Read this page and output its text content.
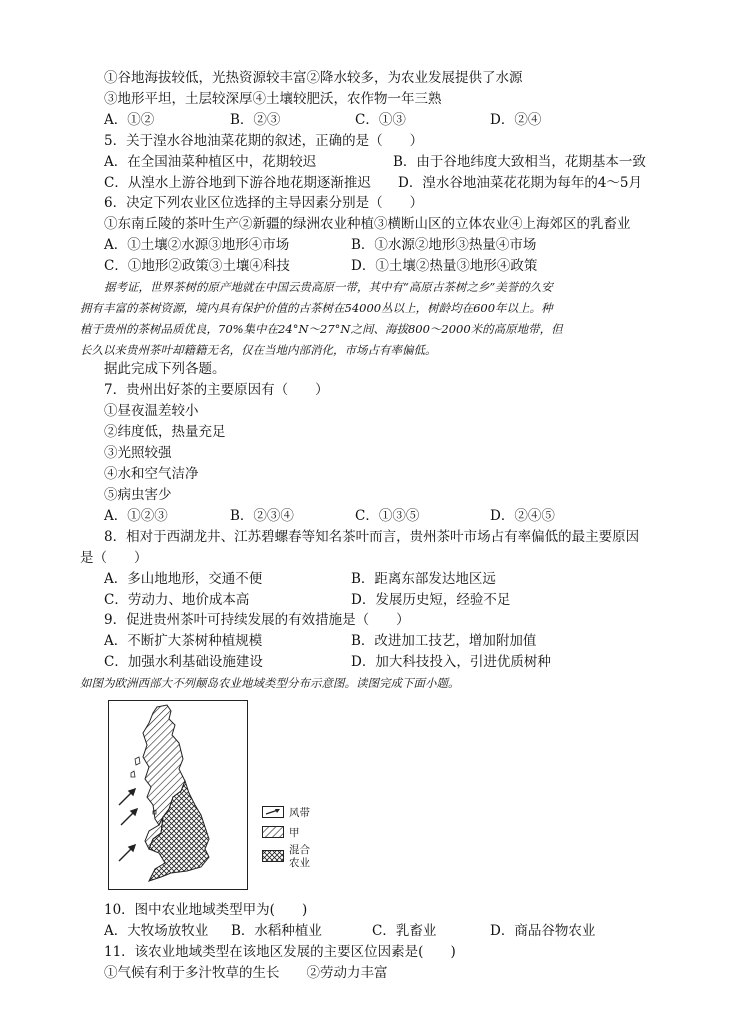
①谷地海拔较低，光热资源较丰富②降水较多，为农业发展提供了水源
③地形平坦，土层较深厚④土壤较肥沃，农作物一年三熟
A．①②	B．②③	C．①③	D．②④
5．关于湟水谷地油菜花期的叙述，正确的是（　　）
A．在全国油菜种植区中，花期较迟	B．由于谷地纬度大致相当，花期基本一致
C．从湟水上游谷地到下游谷地花期逐渐推迟 D．湟水谷地油菜花花期为每年的4～5月
6．决定下列农业区位选择的主导因素分别是（　　）
①东南丘陵的茶叶生产②新疆的绿洲农业种植③横断山区的立体农业④上海郊区的乳畜业
A．①土壤②水源③地形④市场	B．①水源②地形③热量④市场
C．①地形②政策③土壤④科技	D．①土壤②热量③地形④政策
据考证，世界茶树的原产地就在中国云贵高原一带，其中有“高原古茶树之乡”美誉的久安
拥有丰富的茶树资源，境内具有保护价值的古茶树在54000丛以上，树龄均在600年以上。种
植于贵州的茶树品质优良，70%集中在24°N～27°N之间、海拔800～2000米的高原地带，但
长久以来贵州茶叶却籍籍无名，仅在当地内部消化，市场占有率偏低。
据此完成下列各题。
7．贵州出好茶的主要原因有（　　）
①昼夜温差较小
②纬度低，热量充足
③光照较强
④水和空气洁净
⑤病虫害少
A．①②③	B．②③④	C．①③⑤	D．②④⑤
8．相对于西湖龙井、江苏碧螺春等知名茶叶而言，贵州茶叶市场占有率偏低的最主要原因
是（　　）
A．多山地地形，交通不便	B．距离东部发达地区远
C．劳动力、地价成本高	D．发展历史短，经验不足
9．促进贵州茶叶可持续发展的有效措施是（　　）
A．不断扩大茶树种植规模	B．改进加工技艺，增加附加值
C．加强水利基础设施建设	D．加大科技投入，引进优质树种
如图为欧洲西部大不列颠岛农业地域类型分布示意图。读图完成下面小题。
风带
甲
混合
农业
10．图中农业地域类型甲为(　　)
A．大牧场放牧业 B．水稻种植业	C．乳畜业	D．商品谷物农业
11．该农业地域类型在该地区发展的主要区位因素是(　　)
①气候有利于多汁牧草的生长　　②劳动力丰富
